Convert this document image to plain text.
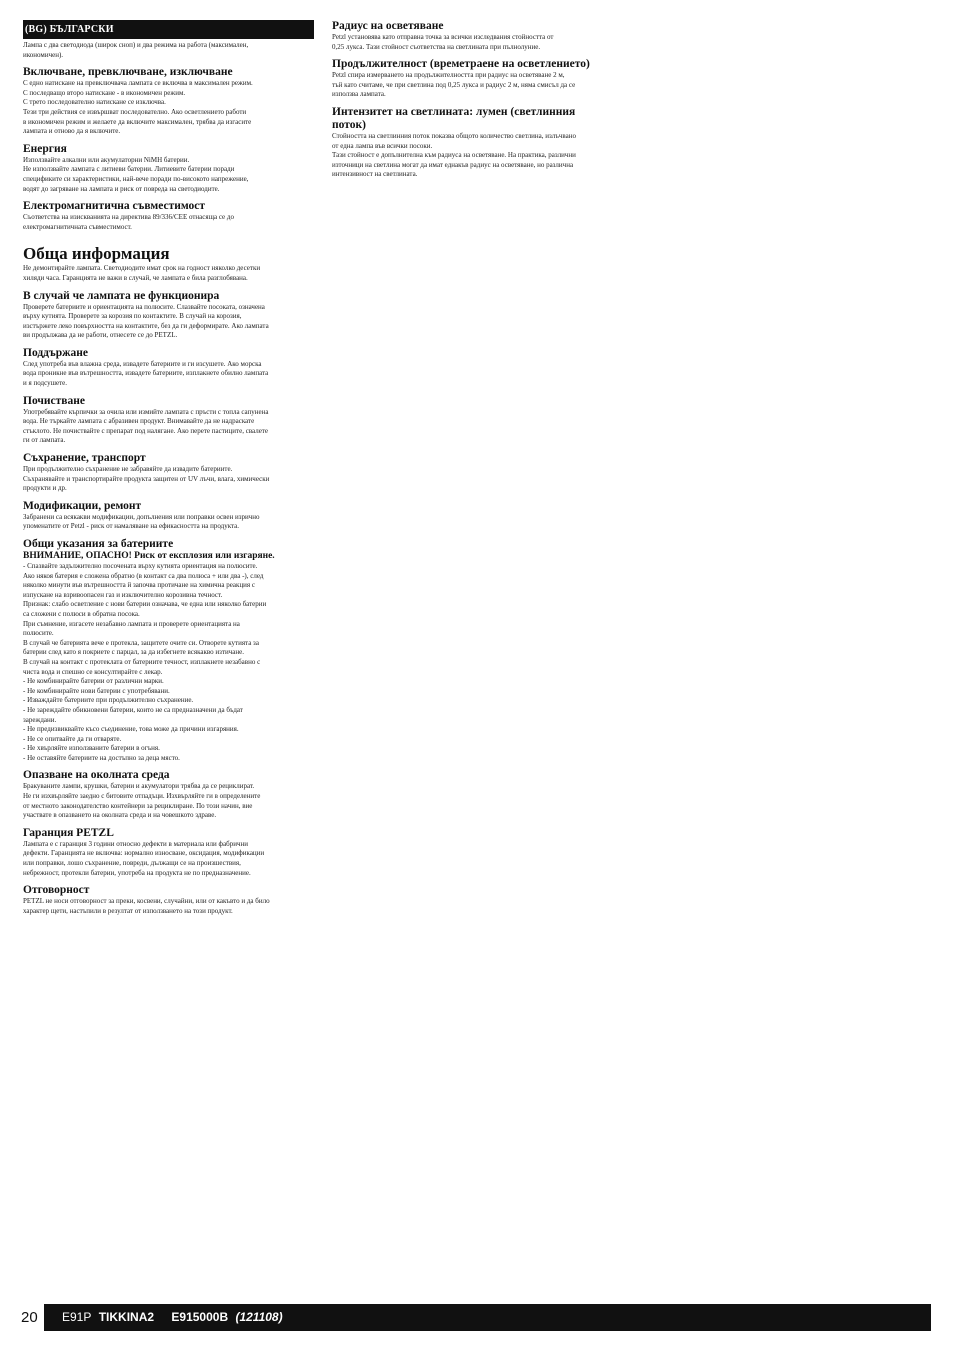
(BG) БЪЛГАРСКИ

Лампа с два светодиода (широк сноп) и два режима на работа (максимален,

икономичен).

Включване, превключване, изключване

С едно натискане на превключвача лампата се включва в максимален режим.

С последващо второ натискане - в икономичен режим.

С трето последователно натискане се изключва.

Тези три действия се извършват последователно. Ако осветлението работи

в икономичен режим и желаете да включите максимален, трябва да изгасите

лампата и отново да я включите.

Енергия

Използвайте алкални или акумулаторни NiMH батерии.

Не използвайте лампата с литиеви батерии. Литиевите батерии поради

спецификите си характеристики, най-вече поради по-високото напрежение,

водят до загряване на лампата и риск от повреда на светодиодите.

Електромагнитична съвместимост

Съответства на изискванията на директива 89/336/CEE отнасяща се до

електромагнитичната съвместимост.

Обща информация

Не демонтирайте лампата. Светодиодите имат срок на годност няколко десетки

хиляди часа. Гаранцията не важи в случай, че лампата е била разглобявана.

В случай че лампата не функционира

Проверете батериите и ориентацията на полюсите. Слазвайте посоката, означена

върху кутията. Проверете за корозия по контактите. В случай на корозия,

изстържете леко повърхността на контактите, без да ги деформирате. Ако лампата

ви продължава да не работи, отнесете се до PETZL.

Поддържане

След употреба във влажна среда, извадете батериите и ги изсушете. Ако морска

вода проникне във вътрешността, извадете батериите, изплакнете обилно лампата

и я подсушете.

Почистване

Употребявайте кърпички за очила или измийте лампата с пръсти с топла сапунена

вода. Не търкайте лампата с абразивен продукт. Внимавайте да не надраскате

стъклото. Не почиствайте с препарат под налягане. Ако перете пастиците, свалете

ги от лампата.

Съхранение, транспорт

При продължително съхранение не забравяйте да извадите батериите.

Съхранявайте и транспортирайте продукта защитен от UV лъчи, влага, химически

продукти и др.

Модификации, ремонт

Забранени са всякакви модификации, допълнения или поправки освен изрично

упоменатите от Petzl - риск от намаляване на ефикасността на продукта.

Общи указания за батериите

ВНИМАНИЕ, ОПАСНО! Риск от експлозия или изгаряне.

- Спазвайте задължително посочената върху кутията ориентация на полюсите.

Ако някоя батерия е сложена обратно (в контакт са два полюса + или два -), след

няколко минути във вътрешността й започва протичане на химична реакция с

изпускане на взривоопасен газ и изключително корозивна течност.

Признак: слабо осветление с нови батерии означава, че една или няколко батерии

са сложени с полюси в обратна посока.

При съмнение, изгасете незабавно лампата и проверете ориентацията на

полюсите.

В случай че батерията вече е протекла, защитете очите си. Отворете кутията за

батерии след като я покриете с парцал, за да избегнете всякакво изтичане.

В случай на контакт с протеклата от батериите течност, изплакнете незабавно с

чиста вода и спешно се консултирайте с лекар.

- Не комбинирайте батерии от различни марки.

- Не комбинирайте нови батерии с употребявани.

- Изваждайте батериите при продължително съхранение.

- Не зареждайте обикновени батерии, които не са предназначени да бъдат

зареждани.

- Не предизвиквайте късо съединение, това може да причини изгаряния.

- Не се опитвайте да ги отваряте.

- Не хвърляйте използваните батерии в огъня.

- Не оставяйте батериите на достъпно за деца място.

Опазване на околната среда

Бракуваните лампи, крушки, батерии и акумулатори трябва да се рециклират.

Не ги изхвърляйте заедно с битовите отпадъци. Изхвърляйте ги в определените

от местното законодателство контейнери за рециклиране. По този начин, вие

участвате в опазването на околната среда и на човешкото здраве.

Гаранция PETZL

Лампата е с гаранция 3 години относно дефекти в материала или фабрични

дефекти. Гаранцията не включва: нормално износване, оксидация, модификации

или поправки, лошо съхранение, повреди, дължащи се на произшествия,

небрежност, протекли батерии, употреба на продукта не по предназначение.

Отговорност

PETZL не носи отговорност за преки, косвени, случайни, или от какъвто и да било

характер щети, настъпили в резултат от използването на този продукт.

Радиус на осветяване

Petzl установява като отправна точка за всички изследвания стойността от

0,25 лукса. Тази стойност съответства на светлината при пълнолуние.

Продължителност (времетраене на осветлението)

Petzl спира измерването на продължителността при радиус на осветяване 2 м,

тъй като считаме, че при светлина под 0,25 лукса и радиус 2 м, няма смисъл да се

използва лампата.

Интензитет на светлината: лумен (светлинния
поток)

Стойността на светлинния поток показва общото количество светлина, излъчвано

от една лампа във всички посоки.

Тази стойност е допълнителна към радиуса на осветяване. На практика, различни

източници на светлина могат да имат еднакъв радиус на осветяване, но различна

интензивност на светлината.

20	E91P TIKKINA2 E915000B (121108)
